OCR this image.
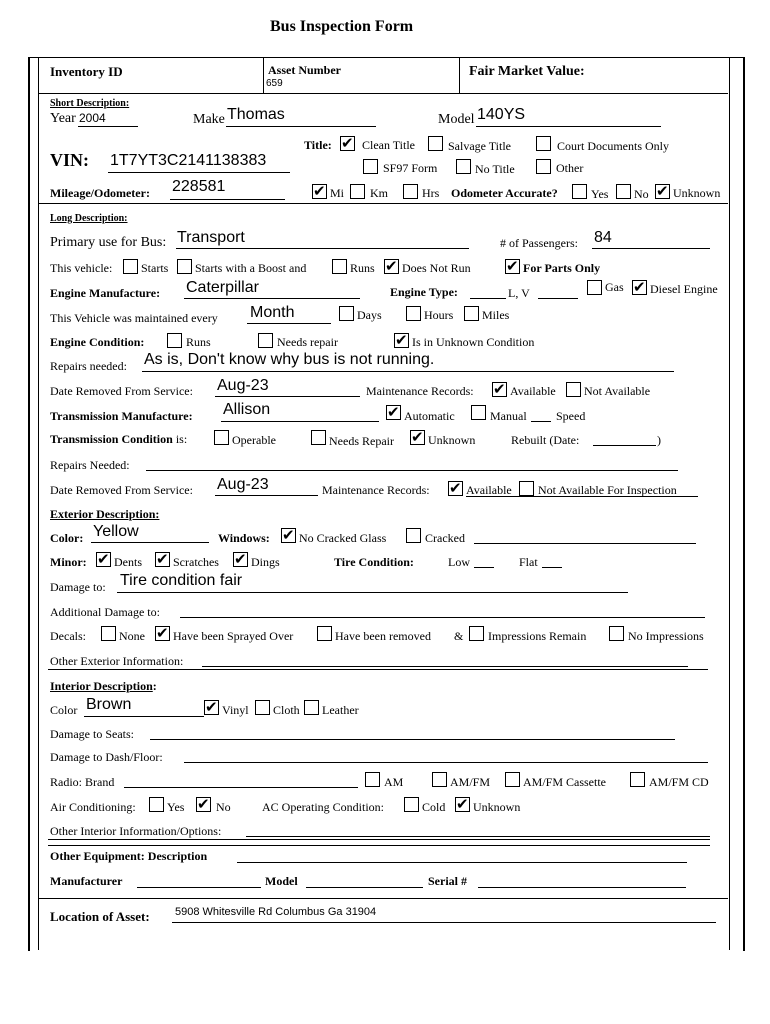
Bus Inspection Form
Inventory ID	Asset Number
659
Fair Market Value:
Short Description:
Year 2004	Make Thomas	Model 140YS
VIN: 1T7YT3C2141138383
Title: ✔ Clean Title	Salvage Title	Court Documents Only
SF97 Form	No Title	Other
Mileage/Odometer: 228581	✔ Mi Km	Hrs Odometer Accurate?	Yes No ✔ Unknown
Long Description:
Primary use for Bus: Transport	# of Passengers: 84
This vehicle: Starts Starts with a Boost and	Runs ✔ Does Not Run ✔ For Parts Only
Engine Manufacture: Caterpillar	Engine Type:	L, V	Gas ✔ Diesel Engine
This Vehicle was maintained every Month	Days	Hours Miles
Engine Condition:	Runs	Needs repair	✔ Is in Unknown Condition
Repairs needed: As is, Don't know why bus is not running.
Date Removed From Service: Aug-23	Maintenance Records: ✔ Available Not Available
Transmission Manufacture: Allison	✔ Automatic	Manual Speed
Transmission Condition is:	Operable	Needs Repair ✔ Unknown	Rebuilt (Date:	)
Repairs Needed:
Date Removed From Service: Aug-23	Maintenance Records: ✔ Available Not Available For Inspection
Exterior Description:
Color: Yellow	Windows: ✔ No Cracked Glass	Cracked
Minor: ✔ Dents ✔ Scratches ✔ Dings	Tire Condition:	Low	Flat
Damage to: Tire condition fair
Additional Damage to:
Decals:	None ✔ Have been Sprayed Over	Have been removed & Impressions Remain	No Impressions
Other Exterior Information:
Interior Description:
Color Brown	✔ Vinyl Cloth Leather
Damage to Seats:
Damage to Dash/Floor:
Radio: Brand	AM	AM/FM	AM/FM Cassette	AM/FM CD
Air Conditioning:	Yes ✔ No	AC Operating Condition:	Cold ✔ Unknown
Other Interior Information/Options:
Other Equipment: Description
Manufacturer	Model	Serial #
Location of Asset: 5908 Whitesville Rd Columbus Ga 31904
